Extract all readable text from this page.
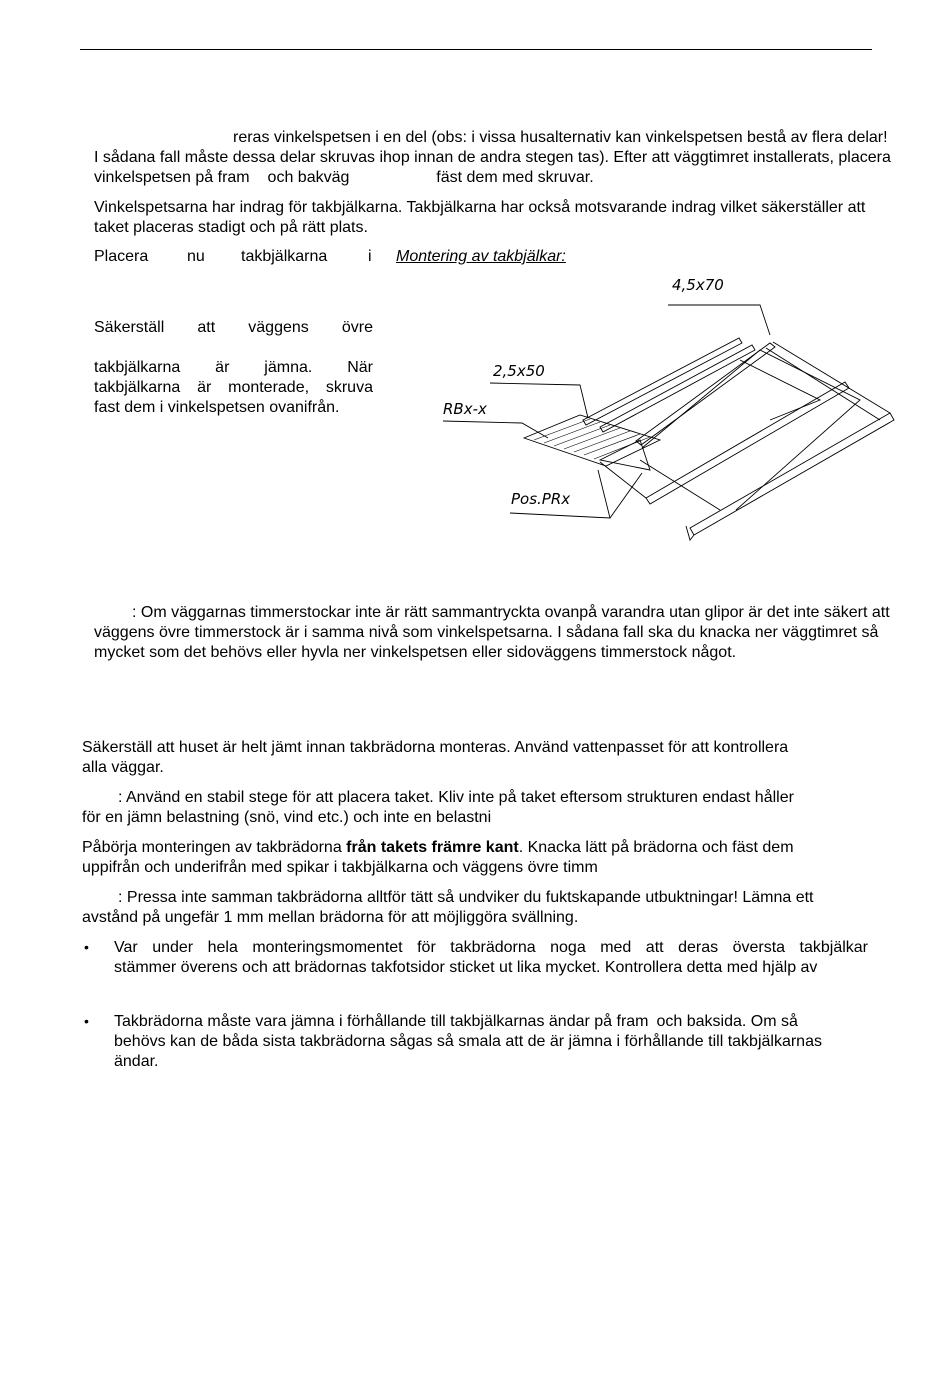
reras vinkelspetsen i en del (obs: i vissa husalternativ kan vinkelspetsen bestå av flera delar!
I sådana fall måste dessa delar skruvas ihop innan de andra stegen tas). Efter att väggtimret installerats, placera
vinkelspetsen på fram och bakväg	fäst dem med skruvar.
Vinkelspetsarna har indrag för takbjälkarna. Takbjälkarna har också motsvarande indrag vilket säkerställer att
taket placeras stadigt och på rätt plats.
Placera	nu	takbjälkarna	i	Montering av takbjälkar:
Säkerställ att väggens övre
takbjälkarna är jämna. När
takbjälkarna är monterade, skruva
fast dem i vinkelspetsen ovanifrån.
4,5x70
2,5x50
RBx-x
Pos.PRx
: Om väggarnas timmerstockar inte är rätt sammantryckta ovanpå varandra utan glipor är det inte säkert att
väggens övre timmerstock är i samma nivå som vinkelspetsarna. I sådana fall ska du knacka ner väggtimret så
mycket som det behövs eller hyvla ner vinkelspetsen eller sidoväggens timmerstock något.
Säkerställ att huset är helt jämt innan takbrädorna monteras. Använd vattenpasset för att kontrollera
alla väggar.
: Använd en stabil stege för att placera taket. Kliv inte på taket eftersom strukturen endast håller
för en jämn belastning (snö, vind etc.) och inte en belastni
Påbörja monteringen av takbrädorna från takets främre kant. Knacka lätt på brädorna och fäst dem
uppifrån och underifrån med spikar i takbjälkarna och väggens övre timm
: Pressa inte samman takbrädorna alltför tätt så undviker du fuktskapande utbuktningar! Lämna ett
avstånd på ungefär 1 mm mellan brädorna för att möjliggöra svällning.
• Var under hela monteringsmomentet för takbrädorna noga med att deras översta takbjälkar
stämmer överens och att brädornas takfotsidor sticket ut lika mycket. Kontrollera detta med hjälp av
• Takbrädorna måste vara jämna i förhållande till takbjälkarnas ändar på fram och baksida. Om så
behövs kan de båda sista takbrädorna sågas så smala att de är jämna i förhållande till takbjälkarnas
ändar.
